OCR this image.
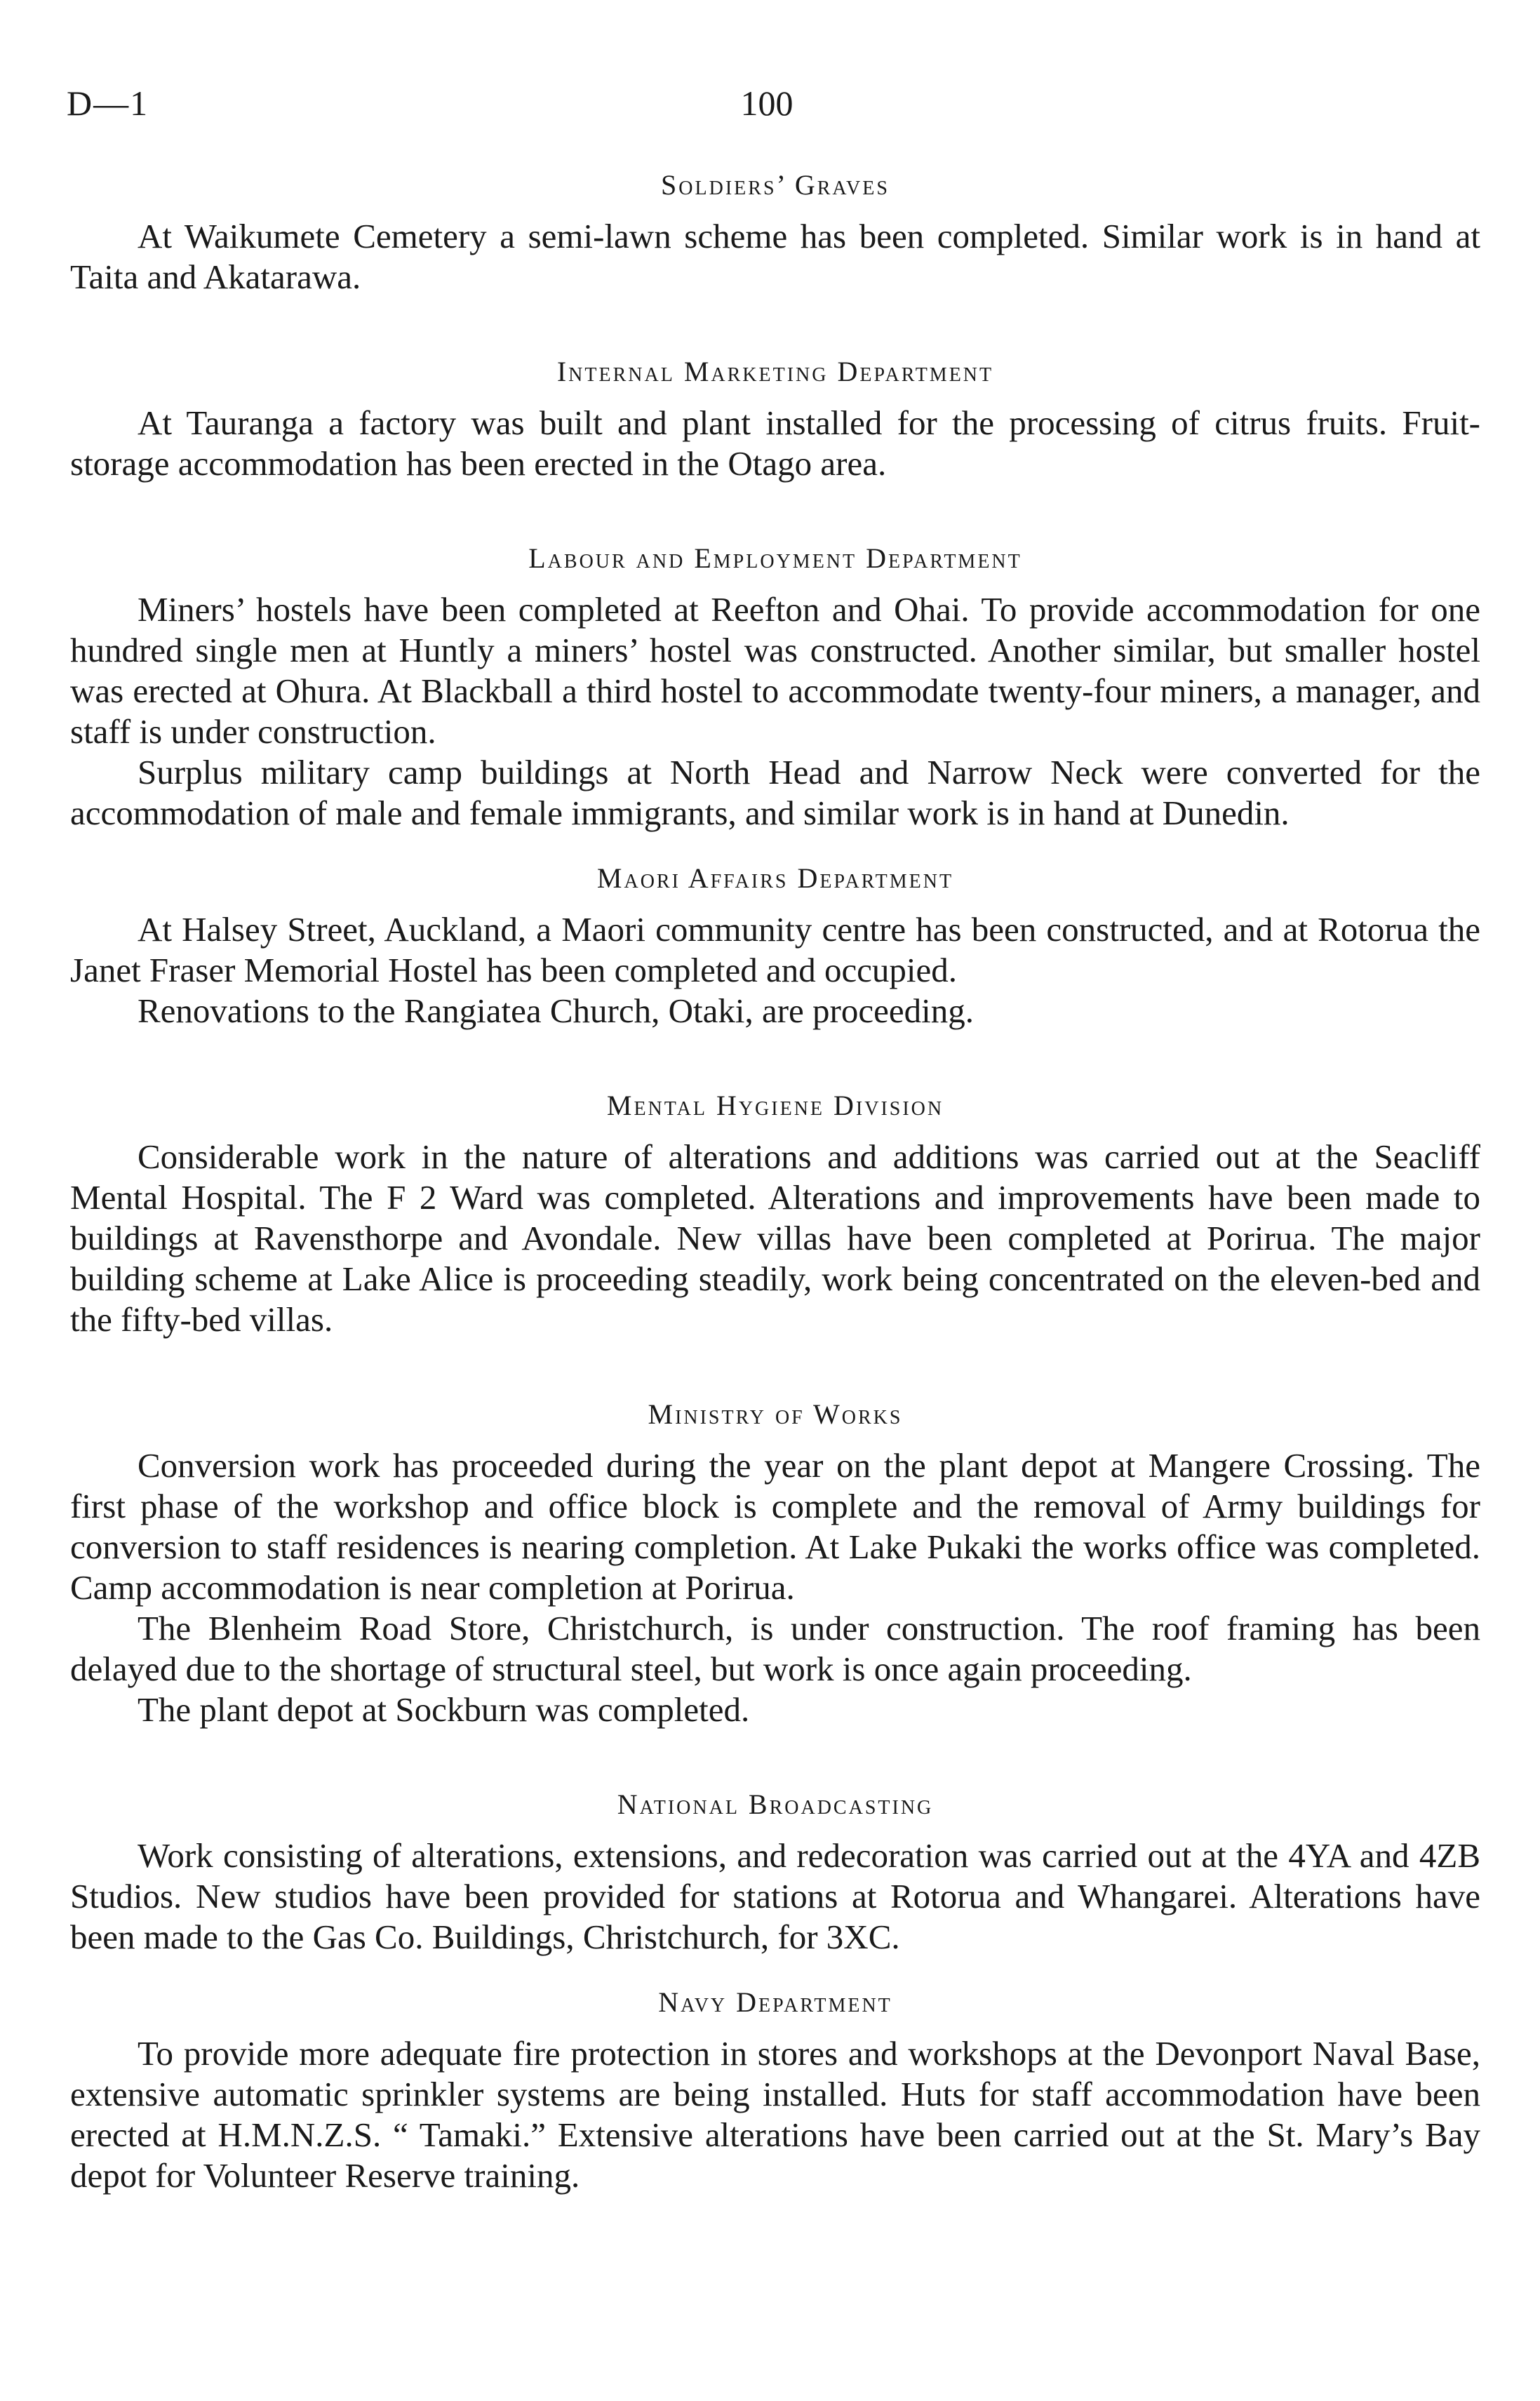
D—1	100
Soldiers’ Graves

At Waikumete Cemetery a semi-lawn scheme has been completed. Similar work is in hand at Taita and Akatarawa.

Internal Marketing Department

At Tauranga a factory was built and plant installed for the processing of citrus fruits. Fruit-storage accommodation has been erected in the Otago area.

Labour and Employment Department

Miners’ hostels have been completed at Reefton and Ohai. To provide accommodation for one hundred single men at Huntly a miners’ hostel was constructed. Another similar, but smaller hostel was erected at Ohura. At Blackball a third hostel to accommodate twenty-four miners, a manager, and staff is under construction.

Surplus military camp buildings at North Head and Narrow Neck were converted for the accommodation of male and female immigrants, and similar work is in hand at Dunedin.

Maori Affairs Department

At Halsey Street, Auckland, a Maori community centre has been constructed, and at Rotorua the Janet Fraser Memorial Hostel has been completed and occupied.

Renovations to the Rangiatea Church, Otaki, are proceeding.

Mental Hygiene Division

Considerable work in the nature of alterations and additions was carried out at the Seacliff Mental Hospital. The F 2 Ward was completed. Alterations and improvements have been made to buildings at Ravensthorpe and Avondale. New villas have been completed at Porirua. The major building scheme at Lake Alice is proceeding steadily, work being concentrated on the eleven-bed and the fifty-bed villas.

Ministry of Works

Conversion work has proceeded during the year on the plant depot at Mangere Crossing. The first phase of the workshop and office block is complete and the removal of Army buildings for conversion to staff residences is nearing completion. At Lake Pukaki the works office was completed. Camp accommodation is near completion at Porirua.

The Blenheim Road Store, Christchurch, is under construction. The roof framing has been delayed due to the shortage of structural steel, but work is once again proceeding.

The plant depot at Sockburn was completed.

National Broadcasting

Work consisting of alterations, extensions, and redecoration was carried out at the 4YA and 4ZB Studios. New studios have been provided for stations at Rotorua and Whangarei. Alterations have been made to the Gas Co. Buildings, Christchurch, for 3XC.

Navy Department

To provide more adequate fire protection in stores and workshops at the Devonport Naval Base, extensive automatic sprinkler systems are being installed. Huts for staff accommodation have been erected at H.M.N.Z.S. “ Tamaki.” Extensive alterations have been carried out at the St. Mary’s Bay depot for Volunteer Reserve training.
